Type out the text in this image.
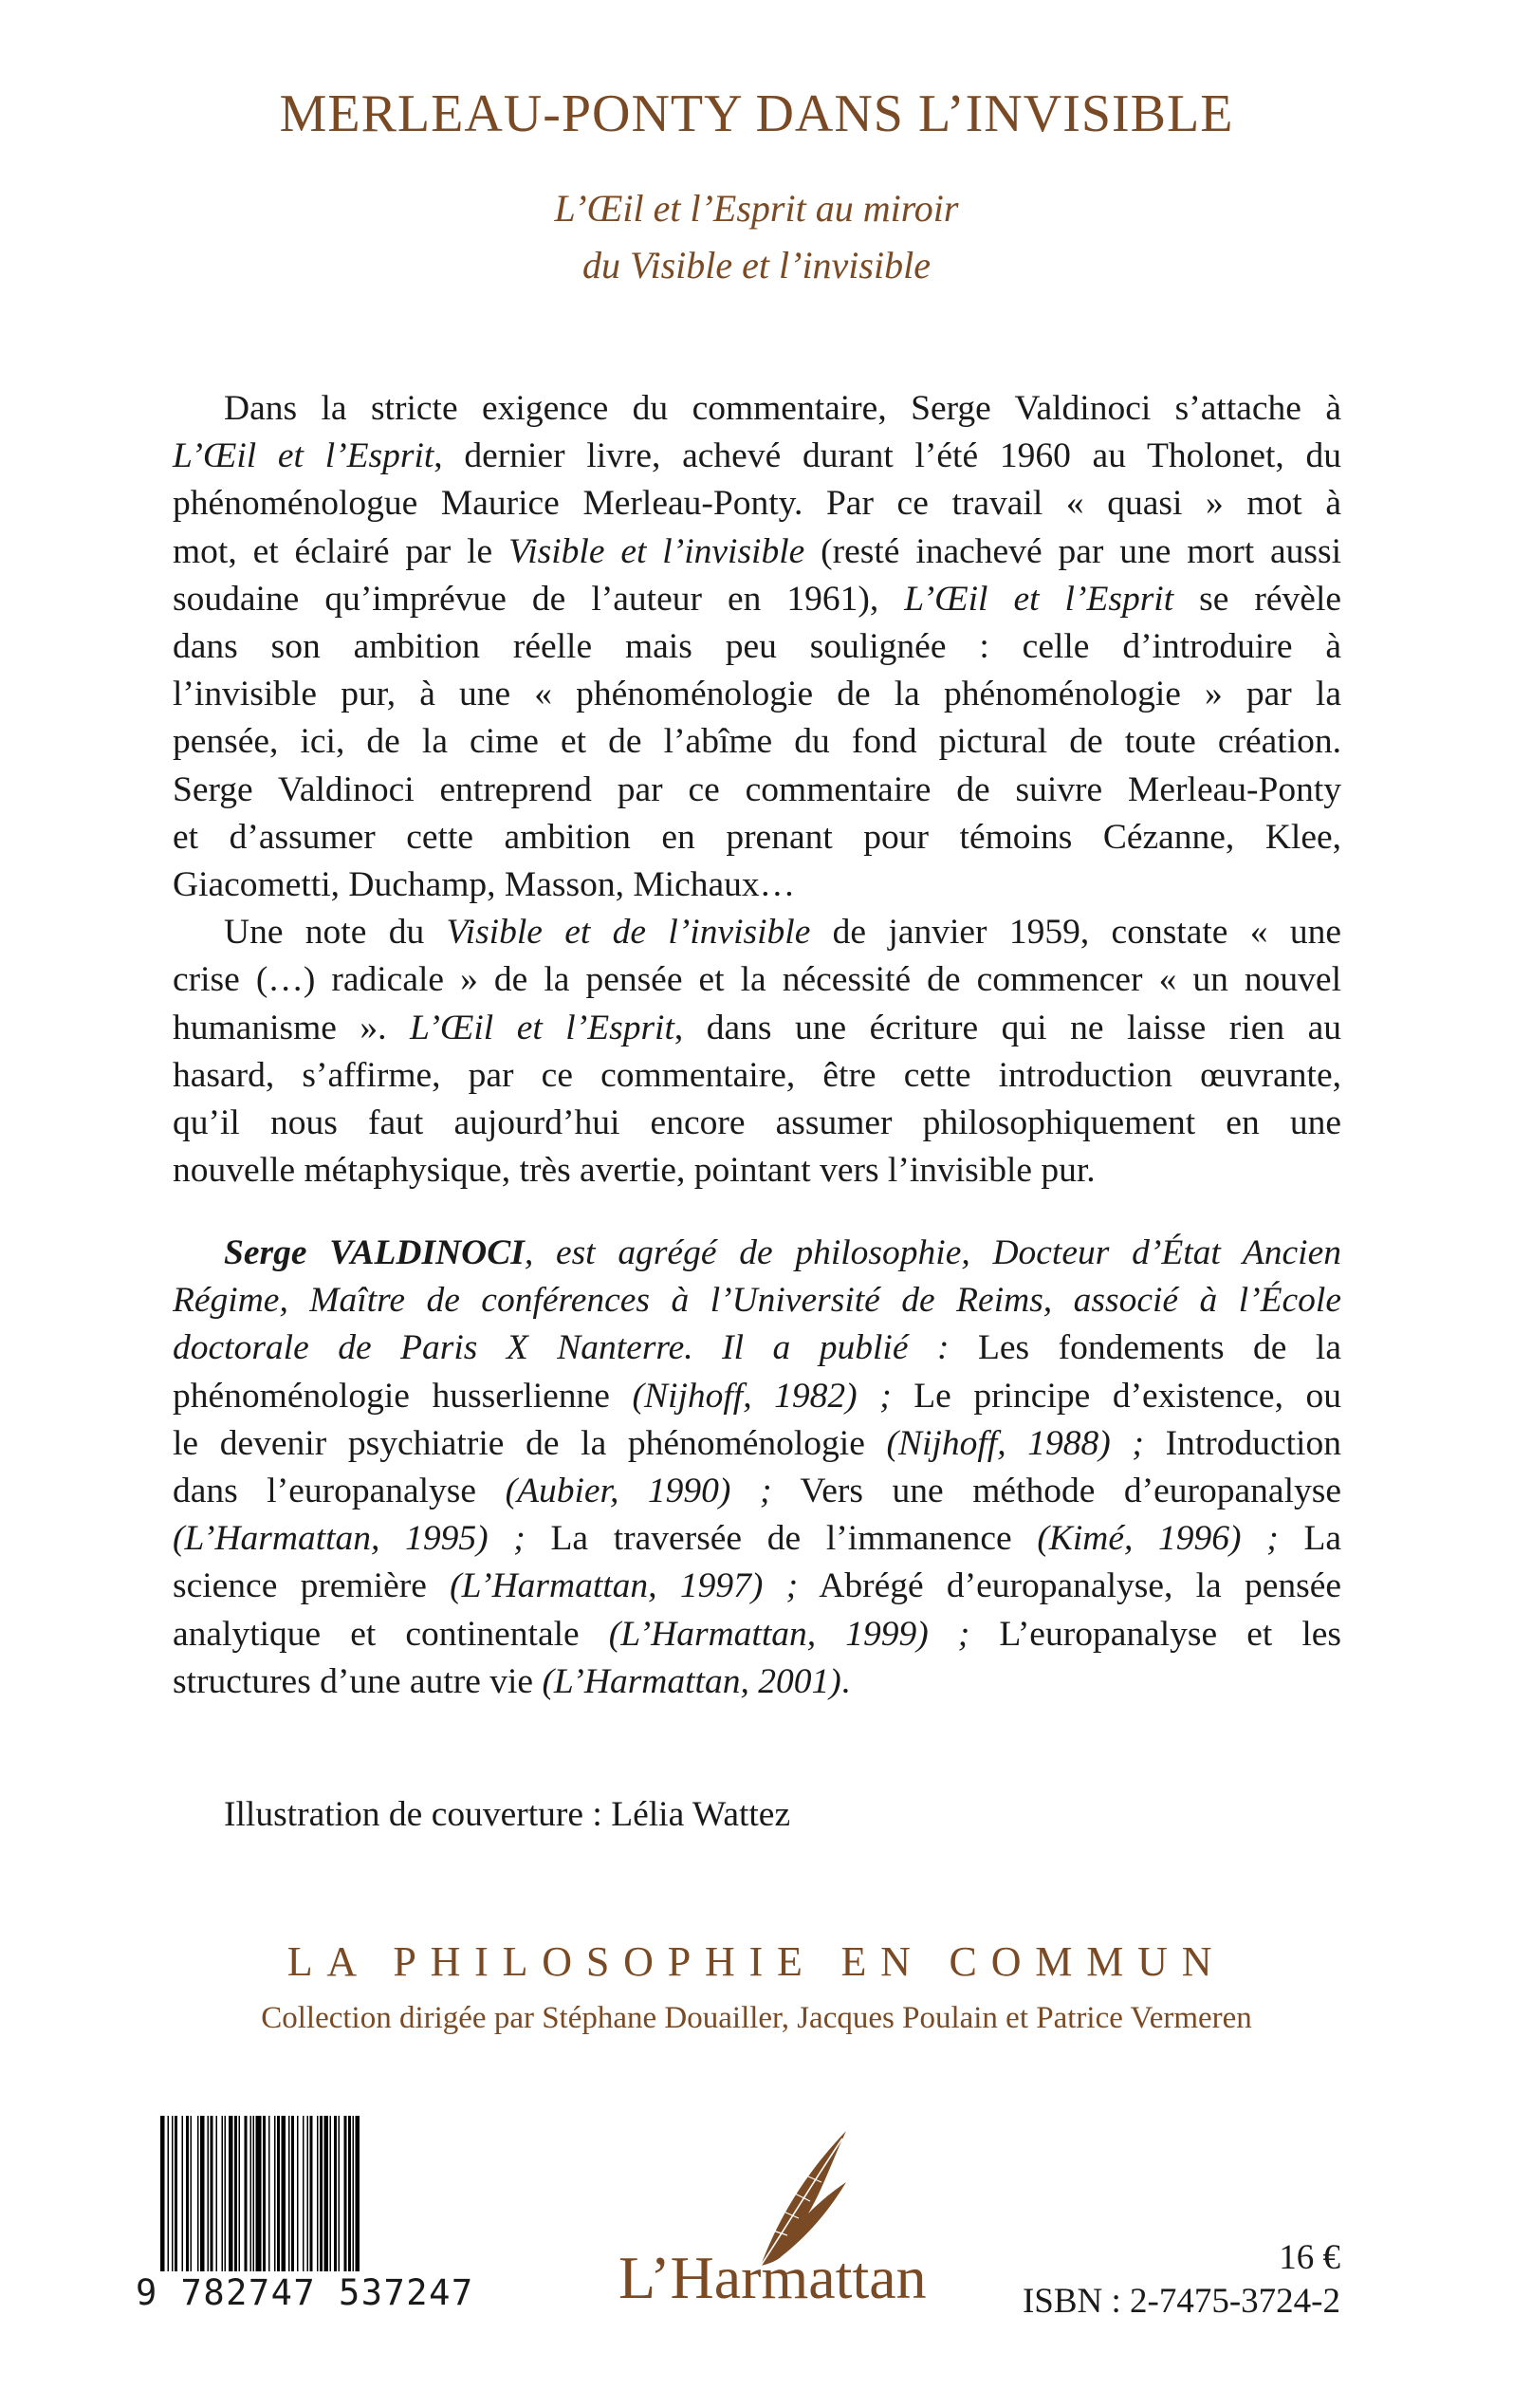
MERLEAU-PONTY DANS L’INVISIBLE
L’Œil et l’Esprit au miroir
du Visible et l’invisible
Dans la stricte exigence du commentaire, Serge Valdinoci s’attache à
L’Œil et l’Esprit, dernier livre, achevé durant l’été 1960 au Tholonet, du
phénoménologue Maurice Merleau-Ponty. Par ce travail « quasi » mot à
mot, et éclairé par le Visible et l’invisible (resté inachevé par une mort aussi
soudaine qu’imprévue de l’auteur en 1961), L’Œil et l’Esprit se révèle
dans son ambition réelle mais peu soulignée : celle d’introduire à
l’invisible pur, à une « phénoménologie de la phénoménologie » par la
pensée, ici, de la cime et de l’abîme du fond pictural de toute création.
Serge Valdinoci entreprend par ce commentaire de suivre Merleau-Ponty
et d’assumer cette ambition en prenant pour témoins Cézanne, Klee,
Giacometti, Duchamp, Masson, Michaux…
Une note du Visible et de l’invisible de janvier 1959, constate « une
crise (…) radicale » de la pensée et la nécessité de commencer « un nouvel
humanisme ». L’Œil et l’Esprit, dans une écriture qui ne laisse rien au
hasard, s’affirme, par ce commentaire, être cette introduction œuvrante,
qu’il nous faut aujourd’hui encore assumer philosophiquement en une
nouvelle métaphysique, très avertie, pointant vers l’invisible pur.
Serge VALDINOCI, est agrégé de philosophie, Docteur d’État Ancien
Régime, Maître de conférences à l’Université de Reims, associé à l’École
doctorale de Paris X Nanterre. Il a publié : Les fondements de la
phénoménologie husserlienne (Nijhoff, 1982) ; Le principe d’existence, ou
le devenir psychiatrie de la phénoménologie (Nijhoff, 1988) ; Introduction
dans l’europanalyse (Aubier, 1990) ; Vers une méthode d’europanalyse
(L’Harmattan, 1995) ; La traversée de l’immanence (Kimé, 1996) ; La
science première (L’Harmattan, 1997) ; Abrégé d’europanalyse, la pensée
analytique et continentale (L’Harmattan, 1999) ; L’europanalyse et les
structures d’une autre vie (L’Harmattan, 2001).

Illustration de couverture : Lélia Wattez

LA PHILOSOPHIE EN COMMUN

Collection dirigée par Stéphane Douailler, Jacques Poulain et Patrice Vermeren

9 782747 537247	L’Harmattan	16 €

ISBN : 2-7475-3724-2
